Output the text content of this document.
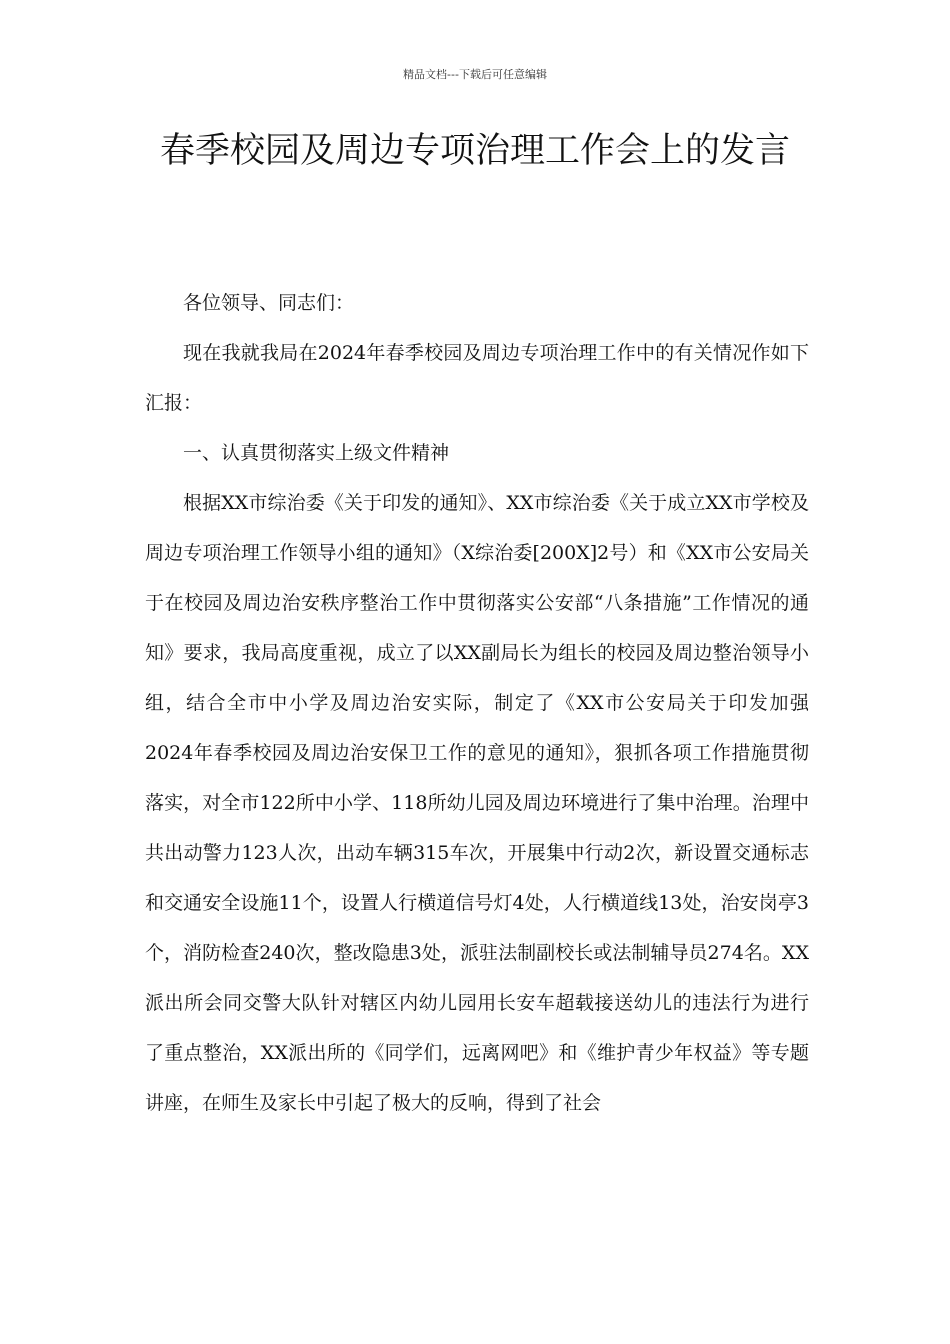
精品文档---下载后可任意编辑
春季校园及周边专项治理工作会上的发言

各位领导、同志们：

现在我就我局在2024年春季校园及周边专项治理工作中的有关情况作如下汇报：

一、认真贯彻落实上级文件精神

根据XX市综治委《关于印发的通知》、XX市综治委《关于成立XX市学校及周边专项治理工作领导小组的通知》（X综治委[200X]2号）和《XX市公安局关于在校园及周边治安秩序整治工作中贯彻落实公安部“八条措施”工作情况的通知》要求，我局高度重视，成立了以XX副局长为组长的校园及周边整治领导小组，结合全市中小学及周边治安实际，制定了《XX市公安局关于印发加强2024年春季校园及周边治安保卫工作的意见的通知》，狠抓各项工作措施贯彻落实，对全市122所中小学、118所幼儿园及周边环境进行了集中治理。治理中共出动警力123人次，出动车辆315车次，开展集中行动2次，新设置交通标志和交通安全设施11个，设置人行横道信号灯4处，人行横道线13处，治安岗亭3个，消防检查240次，整改隐患3处，派驻法制副校长或法制辅导员274名。XX派出所会同交警大队针对辖区内幼儿园用长安车超载接送幼儿的违法行为进行了重点整治，XX派出所的《同学们，远离网吧》和《维护青少年权益》等专题讲座，在师生及家长中引起了极大的反响，得到了社会
